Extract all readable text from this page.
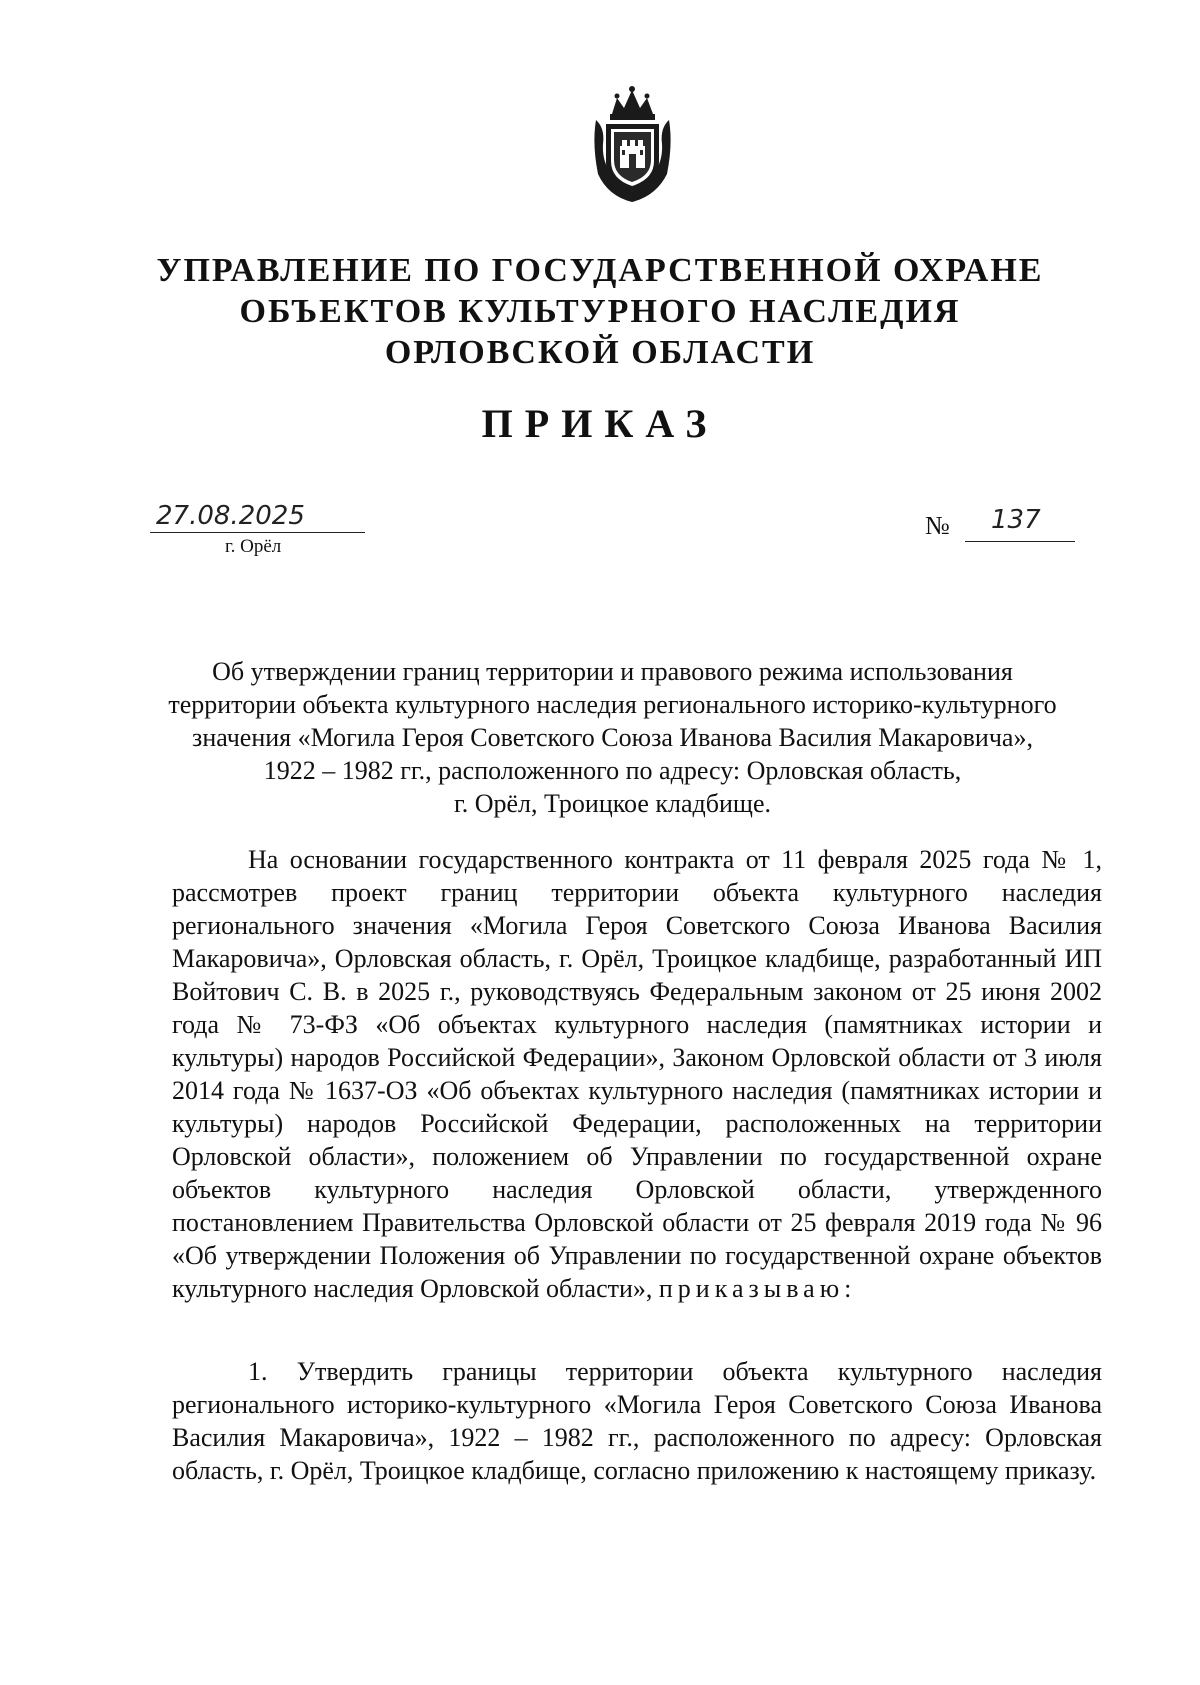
УПРАВЛЕНИЕ ПО ГОСУДАРСТВЕННОЙ ОХРАНЕ
ОБЪЕКТОВ КУЛЬТУРНОГО НАСЛЕДИЯ
ОРЛОВСКОЙ ОБЛАСТИ
ПРИКАЗ
27.08.2025
г. Орёл
№ 137
Об утверждении границ территории и правового режима использования
территории объекта культурного наследия регионального историко-культурного
значения «Могила Героя Советского Союза Иванова Василия Макаровича»,
1922 – 1982 гг., расположенного по адресу: Орловская область,
г. Орёл, Троицкое кладбище.
На основании государственного контракта от 11 февраля 2025 года № 1, рассмотрев проект границ территории объекта культурного наследия регионального значения «Могила Героя Советского Союза Иванова Василия Макаровича», Орловская область, г. Орёл, Троицкое кладбище, разработанный ИП Войтович С. В. в 2025 г., руководствуясь Федеральным законом от 25 июня 2002 года № 73-ФЗ «Об объектах культурного наследия (памятниках истории и культуры) народов Российской Федерации», Законом Орловской области от 3 июля 2014 года № 1637-ОЗ «Об объектах культурного наследия (памятниках истории и культуры) народов Российской Федерации, расположенных на территории Орловской области», положением об Управлении по государственной охране объектов культурного наследия Орловской области, утвержденного постановлением Правительства Орловской области от 25 февраля 2019 года № 96 «Об утверждении Положения об Управлении по государственной охране объектов культурного наследия Орловской области», приказываю:
1. Утвердить границы территории объекта культурного наследия регионального историко-культурного «Могила Героя Советского Союза Иванова Василия Макаровича», 1922 – 1982 гг., расположенного по адресу: Орловская область, г. Орёл, Троицкое кладбище, согласно приложению к настоящему приказу.
